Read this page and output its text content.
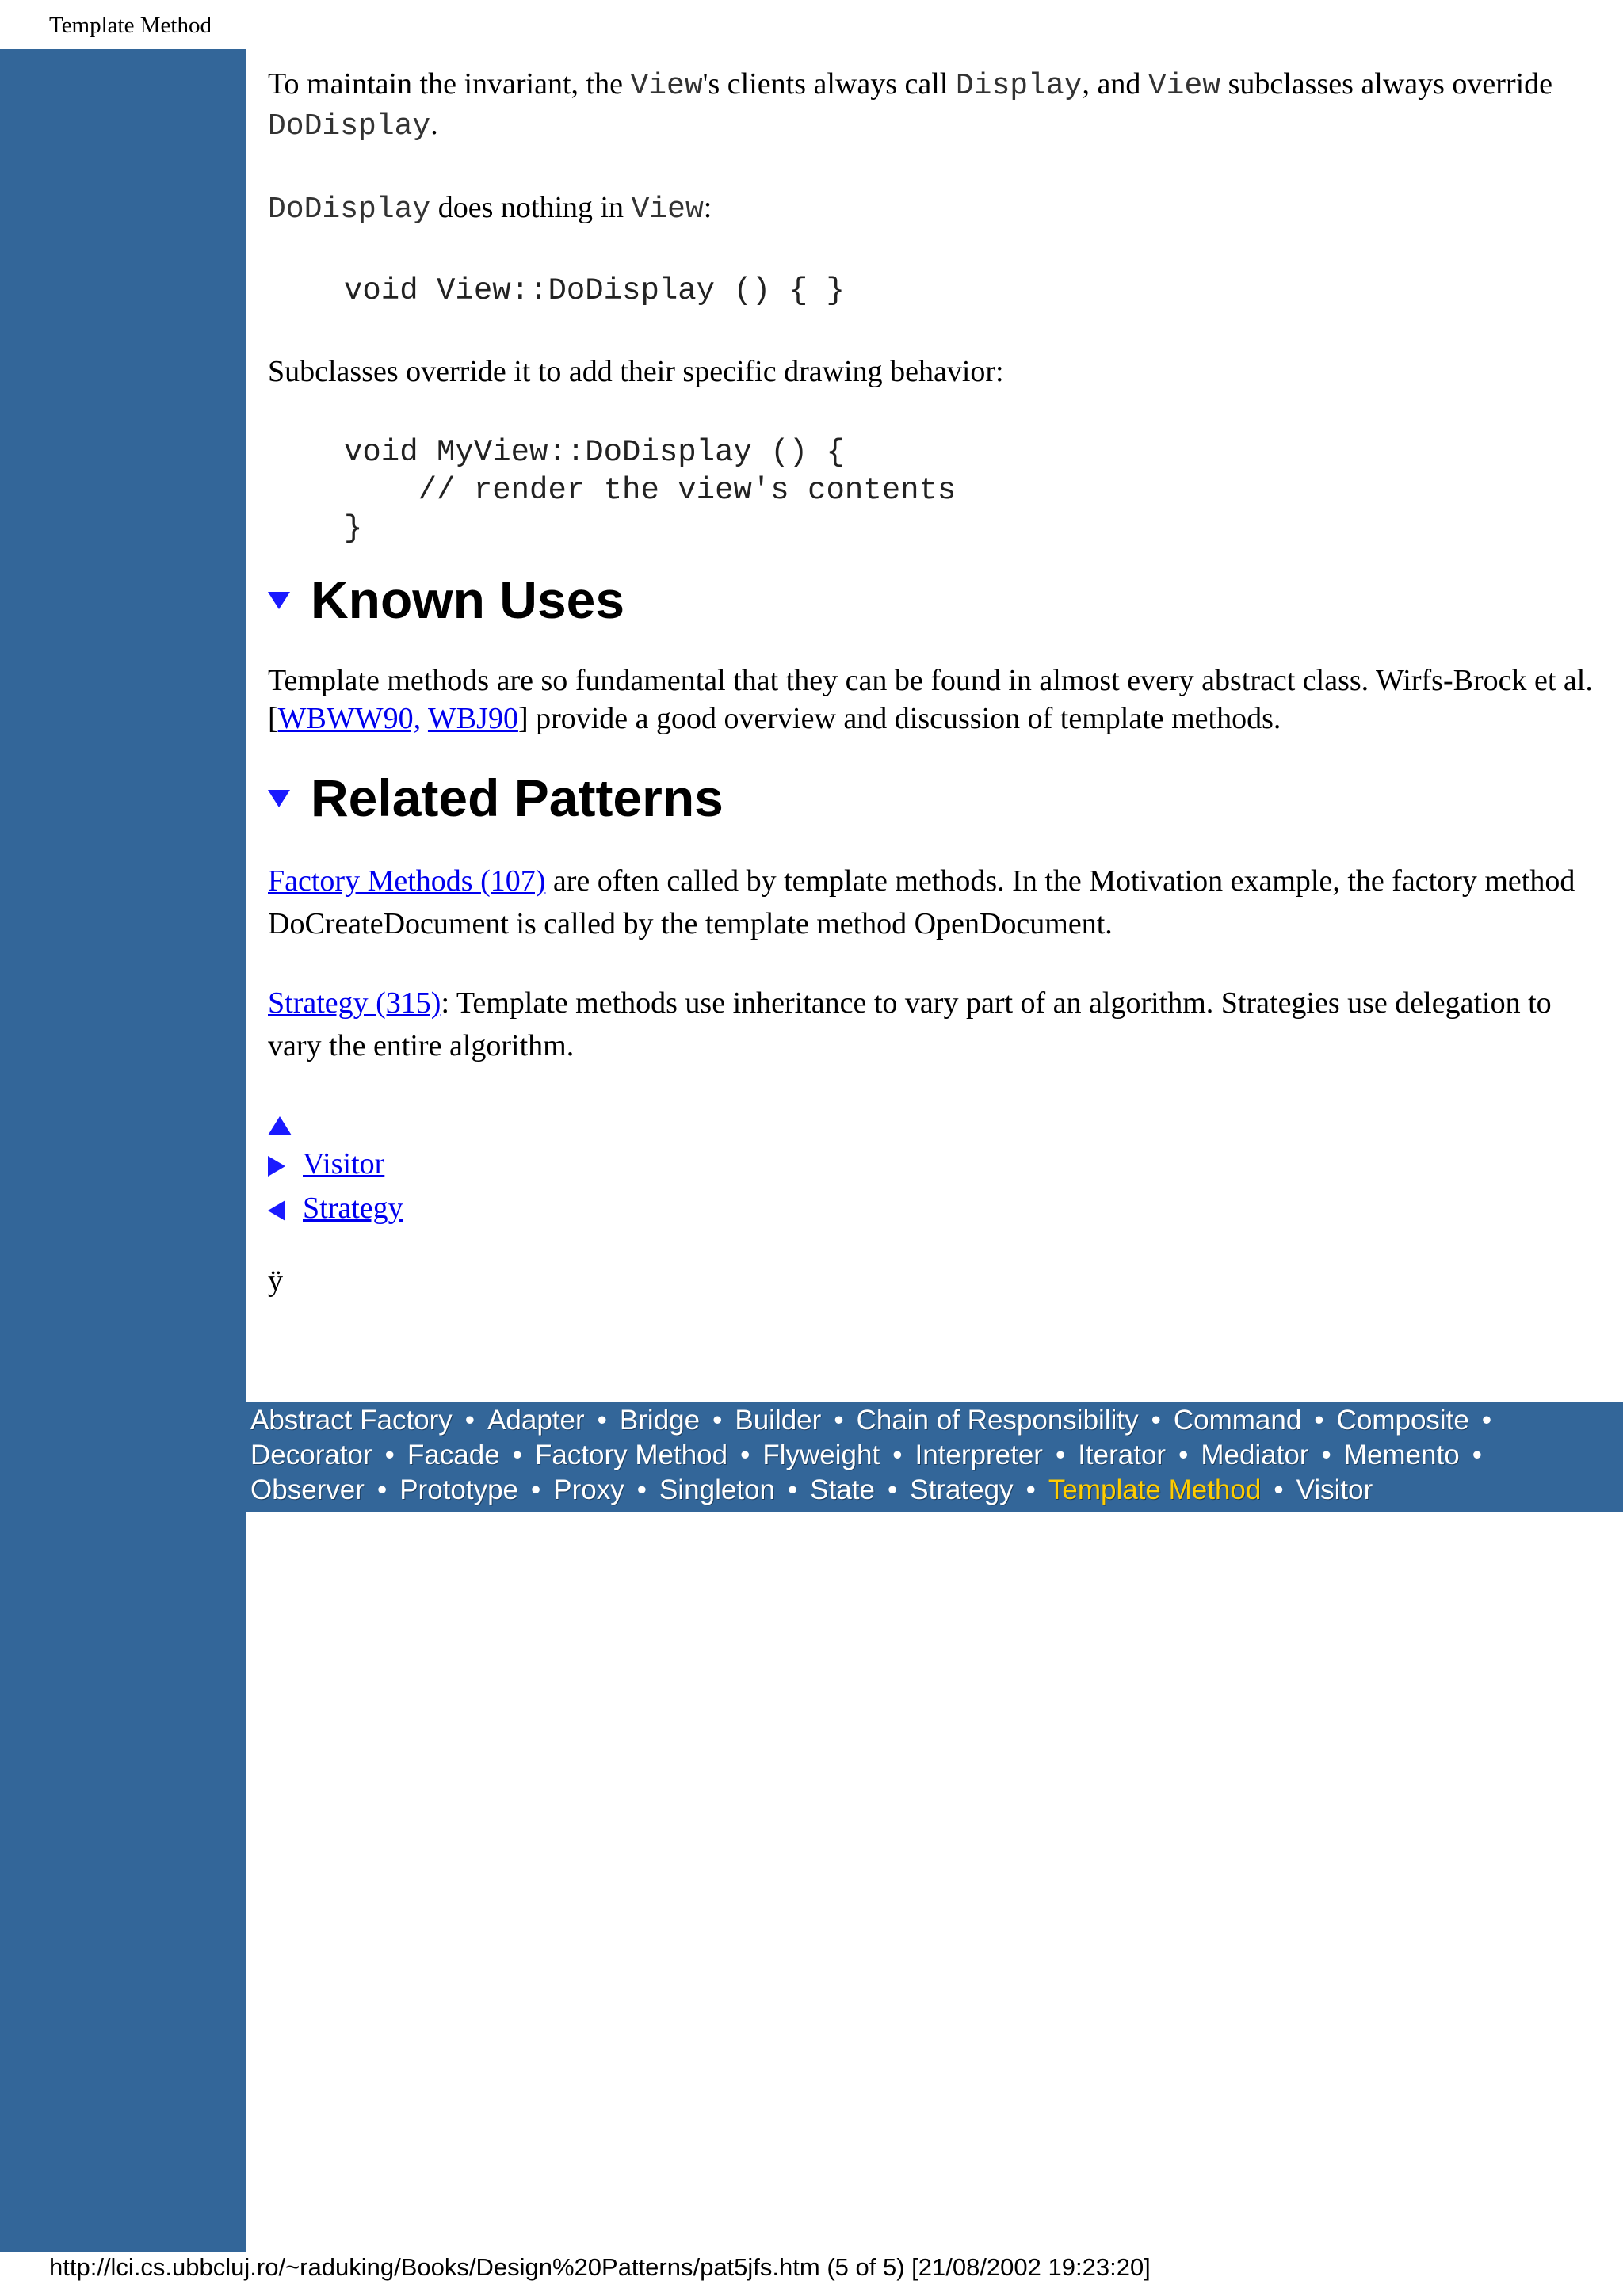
Template Method

To maintain the invariant, the View's clients always call Display, and View subclasses always override DoDisplay.

DoDisplay does nothing in View:

void View::DoDisplay () { }

Subclasses override it to add their specific drawing behavior:

void MyView::DoDisplay () {
// render the view's contents
}
Known Uses

Template methods are so fundamental that they can be found in almost every abstract class. Wirfs-Brock et al. [WBWW90, WBJ90] provide a good overview and discussion of template methods.

Related Patterns

Factory Methods (107) are often called by template methods. In the Motivation example, the factory method DoCreateDocument is called by the template method OpenDocument.

Strategy (315): Template methods use inheritance to vary part of an algorithm. Strategies use delegation to vary the entire algorithm.

Visitor
Strategy

ÿ

Abstract Factory • Adapter • Bridge • Builder • Chain of Responsibility • Command • Composite •
Decorator • Facade • Factory Method • Flyweight • Interpreter • Iterator • Mediator • Memento •
Observer • Prototype • Proxy • Singleton • State • Strategy • Template Method • Visitor
http://lci.cs.ubbcluj.ro/~raduking/Books/Design%20Patterns/pat5jfs.htm (5 of 5) [21/08/2002 19:23:20]
